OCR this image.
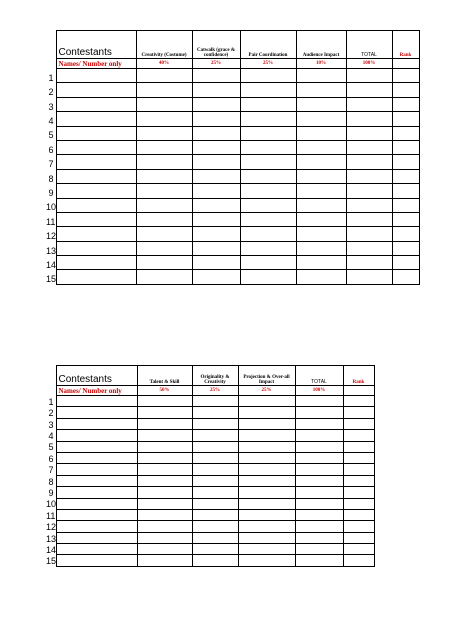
	Contestants	Creativity (Costume)	Catwalk (grace & confidence)	Pair Coordination	Audience Impact	TOTAL	Rank
	Names/ Number only	40%	25%	25%	10%	100%	
1							
2							
3							
4							
5							
6							
7							
8							
9							
10							
11							
12							
13							
14							
15							
	Contestants	Talent & Skill	Originality & Creativity	Projection & Over-all Impact	TOTAL	Rank
	Names/ Number only	50%	25%	25%	100%	
1						
2						
3						
4						
5						
6						
7						
8						
9						
10						
11						
12						
13						
14						
15						
